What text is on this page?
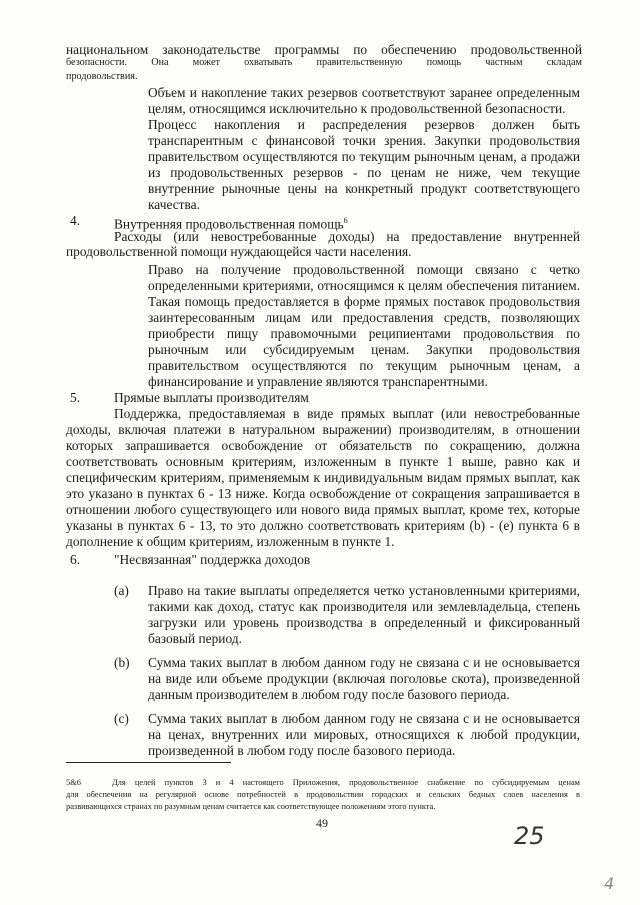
национальном законодательстве программы по обеспечению продовольственной
безопасности. Она может охватывать правительственную помощь частным складам
продовольствия.
Объем и накопление таких резервов соответствуют заранее определенным
целям, относящимся исключительно к продовольственной безопасности.
Процесс накопления и распределения резервов должен быть
транспарентным с финансовой точки зрения. Закупки продовольствия
правительством осуществляются по текущим рыночным ценам, а продажи
из продовольственных резервов - по ценам не ниже, чем текущие
внутренние рыночные цены на конкретный продукт соответствующего
качества.
4.	Внутренняя продовольственная помощь$^6$
Расходы (или невостребованные доходы) на предоставление внутренней
продовольственной помощи нуждающейся части населения.
Право на получение продовольственной помощи связано с четко
определенными критериями, относящимся к целям обеспечения питанием.
Такая помощь предоставляется в форме прямых поставок продовольствия
заинтересованным лицам или предоставления средств, позволяющих
приобрести пищу правомочными реципиентами продовольствия по
рыночным или субсидируемым ценам. Закупки продовольствия
правительством осуществляются по текущим рыночным ценам, а
финансирование и управление являются транспарентными.
5.	Прямые выплаты производителям
Поддержка, предоставляемая в виде прямых выплат (или невостребованные
доходы, включая платежи в натуральном выражении) производителям, в отношении
которых запрашивается освобождение от обязательств по сокращению, должна
соответствовать основным критериям, изложенным в пункте 1 выше, равно как и
специфическим критериям, применяемым к индивидуальным видам прямых выплат, как
это указано в пунктах 6 - 13 ниже. Когда освобождение от сокращения запрашивается в
отношении любого существующего или нового вида прямых выплат, кроме тех, которые
указаны в пунктах 6 - 13, то это должно соответствовать критериям (b) - (e) пункта 6 в
дополнение к общим критериям, изложенным в пункте 1.
6.	"Несвязанная" поддержка доходов
(a) Право на такие выплаты определяется четко установленными критериями,
такими как доход, статус как производителя или землевладельца, степень
загрузки или уровень производства в определенный и фиксированный
базовый период.
(b) Сумма таких выплат в любом данном году не связана с и не основывается
на виде или объеме продукции (включая поголовье скота), произведенной
данным производителем в любом году после базового периода.
(c) Сумма таких выплат в любом данном году не связана с и не основывается
на ценах, внутренних или мировых, относящихся к любой продукции,
произведенной в любом году после базового периода.
5&6	Для целей пунктов 3 и 4 настоящего Приложения, продовольственное снабжение по субсидируемым ценам
для обеспечения на регулярной основе потребностей в продовольствии городских и сельских бедных слоев населения в
развивающихся странах по разумным ценам считается как соответствующее положениям этого пункта.
49	25
4
